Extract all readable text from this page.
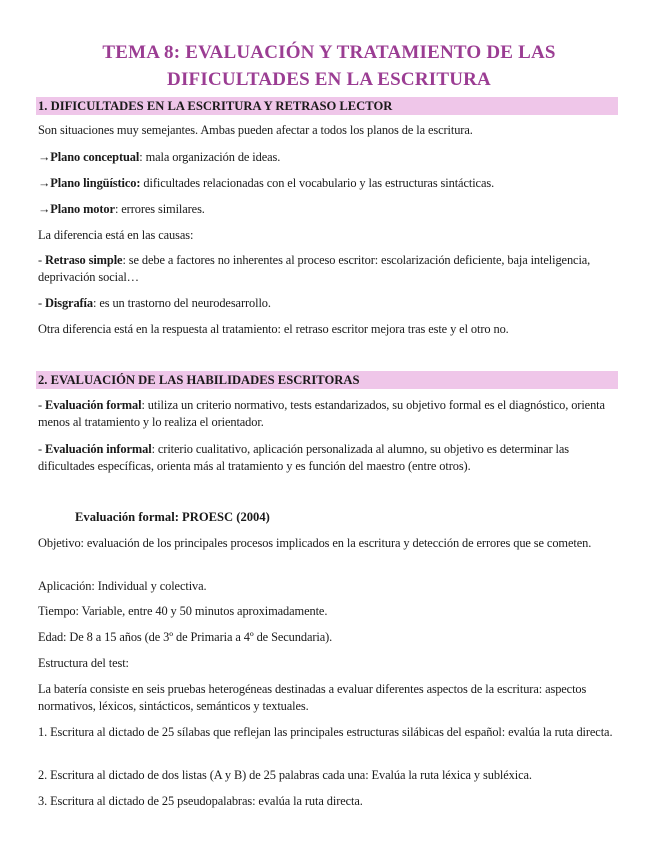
TEMA 8: EVALUACIÓN Y TRATAMIENTO DE LAS
DIFICULTADES EN LA ESCRITURA
1. DIFICULTADES EN LA ESCRITURA Y RETRASO LECTOR
Son situaciones muy semejantes. Ambas pueden afectar a todos los planos de la escritura.
→Plano conceptual: mala organización de ideas.
→Plano lingüístico: dificultades relacionadas con el vocabulario y las estructuras sintácticas.
→Plano motor: errores similares.
La diferencia está en las causas:
- Retraso simple: se debe a factores no inherentes al proceso escritor: escolarización deficiente, baja inteligencia, deprivación social…
- Disgrafía: es un trastorno del neurodesarrollo.
Otra diferencia está en la respuesta al tratamiento: el retraso escritor mejora tras este y el otro no.
2. EVALUACIÓN DE LAS HABILIDADES ESCRITORAS
- Evaluación formal: utiliza un criterio normativo, tests estandarizados, su objetivo formal es el diagnóstico, orienta menos al tratamiento y lo realiza el orientador.
- Evaluación informal: criterio cualitativo, aplicación personalizada al alumno, su objetivo es determinar las dificultades específicas, orienta más al tratamiento y es función del maestro (entre otros).
Evaluación formal: PROESC (2004)
Objetivo: evaluación de los principales procesos implicados en la escritura y detección de errores que se cometen.
Aplicación: Individual y colectiva.
Tiempo: Variable, entre 40 y 50 minutos aproximadamente.
Edad: De 8 a 15 años (de 3º de Primaria a 4º de Secundaria).
Estructura del test:
La batería consiste en seis pruebas heterogéneas destinadas a evaluar diferentes aspectos de la escritura: aspectos normativos, léxicos, sintácticos, semánticos y textuales.
1. Escritura al dictado de 25 sílabas que reflejan las principales estructuras silábicas del español: evalúa la ruta directa.
2. Escritura al dictado de dos listas (A y B) de 25 palabras cada una: Evalúa la ruta léxica y subléxica.
3. Escritura al dictado de 25 pseudopalabras: evalúa la ruta directa.
